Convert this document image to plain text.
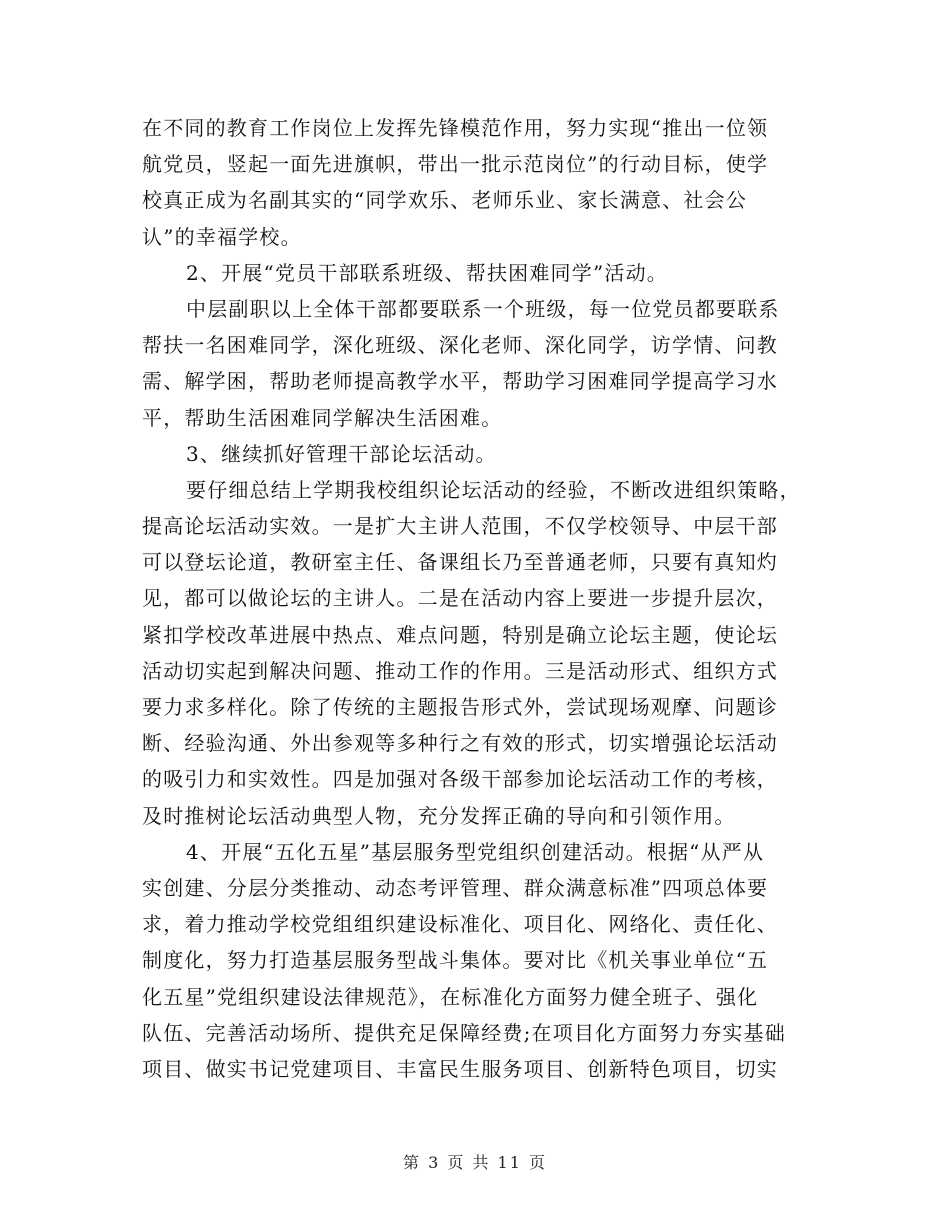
在不同的教育工作岗位上发挥先锋模范作用，努力实现“推出一位领
航党员，竖起一面先进旗帜，带出一批示范岗位”的行动目标，使学
校真正成为名副其实的“同学欢乐、老师乐业、家长满意、社会公
认”的幸福学校。
2、开展“党员干部联系班级、帮扶困难同学”活动。
中层副职以上全体干部都要联系一个班级，每一位党员都要联系
帮扶一名困难同学，深化班级、深化老师、深化同学，访学情、问教
需、解学困，帮助老师提高教学水平，帮助学习困难同学提高学习水
平，帮助生活困难同学解决生活困难。
3、继续抓好管理干部论坛活动。
要仔细总结上学期我校组织论坛活动的经验，不断改进组织策略，
提高论坛活动实效。一是扩大主讲人范围，不仅学校领导、中层干部
可以登坛论道，教研室主任、备课组长乃至普通老师，只要有真知灼
见，都可以做论坛的主讲人。二是在活动内容上要进一步提升层次，
紧扣学校改革进展中热点、难点问题，特别是确立论坛主题，使论坛
活动切实起到解决问题、推动工作的作用。三是活动形式、组织方式
要力求多样化。除了传统的主题报告形式外，尝试现场观摩、问题诊
断、经验沟通、外出参观等多种行之有效的形式，切实增强论坛活动
的吸引力和实效性。四是加强对各级干部参加论坛活动工作的考核，
及时推树论坛活动典型人物，充分发挥正确的导向和引领作用。
4、开展“五化五星”基层服务型党组织创建活动。根据“从严从
实创建、分层分类推动、动态考评管理、群众满意标准”四项总体要
求，着力推动学校党组组织建设标准化、项目化、网络化、责任化、
制度化，努力打造基层服务型战斗集体。要对比《机关事业单位“五
化五星”党组织建设法律规范》，在标准化方面努力健全班子、强化
队伍、完善活动场所、提供充足保障经费;在项目化方面努力夯实基础
项目、做实书记党建项目、丰富民生服务项目、创新特色项目，切实
第 3 页 共 11 页
